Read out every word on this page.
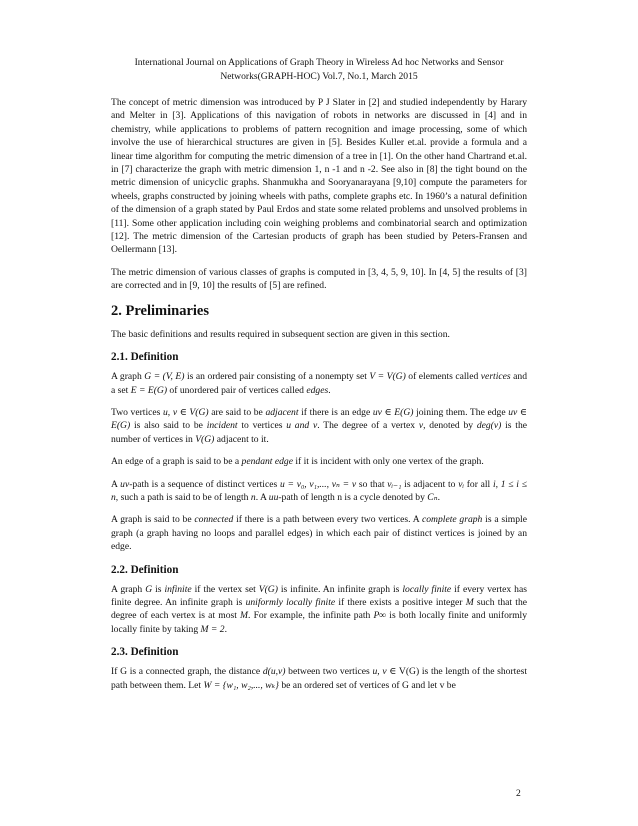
International Journal on Applications of Graph Theory in Wireless Ad hoc Networks and Sensor
Networks(GRAPH-HOC) Vol.7, No.1, March 2015

The concept of metric dimension was introduced by P J Slater in [2] and studied independently by Harary and Melter in [3]. Applications of this navigation of robots in networks are discussed in [4] and in chemistry, while applications to problems of pattern recognition and image processing, some of which involve the use of hierarchical structures are given in [5]. Besides Kuller et.al. provide a formula and a linear time algorithm for computing the metric dimension of a tree in [1]. On the other hand Chartrand et.al. in [7] characterize the graph with metric dimension 1, n -1 and n -2. See also in [8] the tight bound on the metric dimension of unicyclic graphs. Shanmukha and Sooryanarayana [9,10] compute the parameters for wheels, graphs constructed by joining wheels with paths, complete graphs etc. In 1960’s a natural definition of the dimension of a graph stated by Paul Erdos and state some related problems and unsolved problems in [11]. Some other application including coin weighing problems and combinatorial search and optimization [12]. The metric dimension of the Cartesian products of graph has been studied by Peters-Fransen and Oellermann [13].

The metric dimension of various classes of graphs is computed in [3, 4, 5, 9, 10]. In [4, 5] the results of [3] are corrected and in [9, 10] the results of [5] are refined.

2. Preliminaries

The basic definitions and results required in subsequent section are given in this section.

2.1. Definition

A graph G = (V, E) is an ordered pair consisting of a nonempty set V = V(G) of elements called vertices and a set E = E(G) of unordered pair of vertices called edges.

Two vertices u, v ∈ V(G) are said to be adjacent if there is an edge uv ∈ E(G) joining them. The edge uv ∈ E(G) is also said to be incident to vertices u and v. The degree of a vertex v, denoted by deg(v) is the number of vertices in V(G) adjacent to it.

An edge of a graph is said to be a pendant edge if it is incident with only one vertex of the graph.

A uv-path is a sequence of distinct vertices u = v₀, v₁,..., vₙ = v so that vᵢ₋₁ is adjacent to vᵢ for all i, 1 ≤ i ≤ n, such a path is said to be of length n. A uu-path of length n is a cycle denoted by Cₙ.

A graph is said to be connected if there is a path between every two vertices. A complete graph is a simple graph (a graph having no loops and parallel edges) in which each pair of distinct vertices is joined by an edge.

2.2. Definition

A graph G is infinite if the vertex set V(G) is infinite. An infinite graph is locally finite if every vertex has finite degree. An infinite graph is uniformly locally finite if there exists a positive integer M such that the degree of each vertex is at most M. For example, the infinite path P∞ is both locally finite and uniformly locally finite by taking M = 2.

2.3. Definition

If G is a connected graph, the distance d(u,v) between two vertices u, v ∈ V(G) is the length of the shortest path between them. Let W = {w₁, w₂,..., wₖ} be an ordered set of vertices of G and let v be

2
